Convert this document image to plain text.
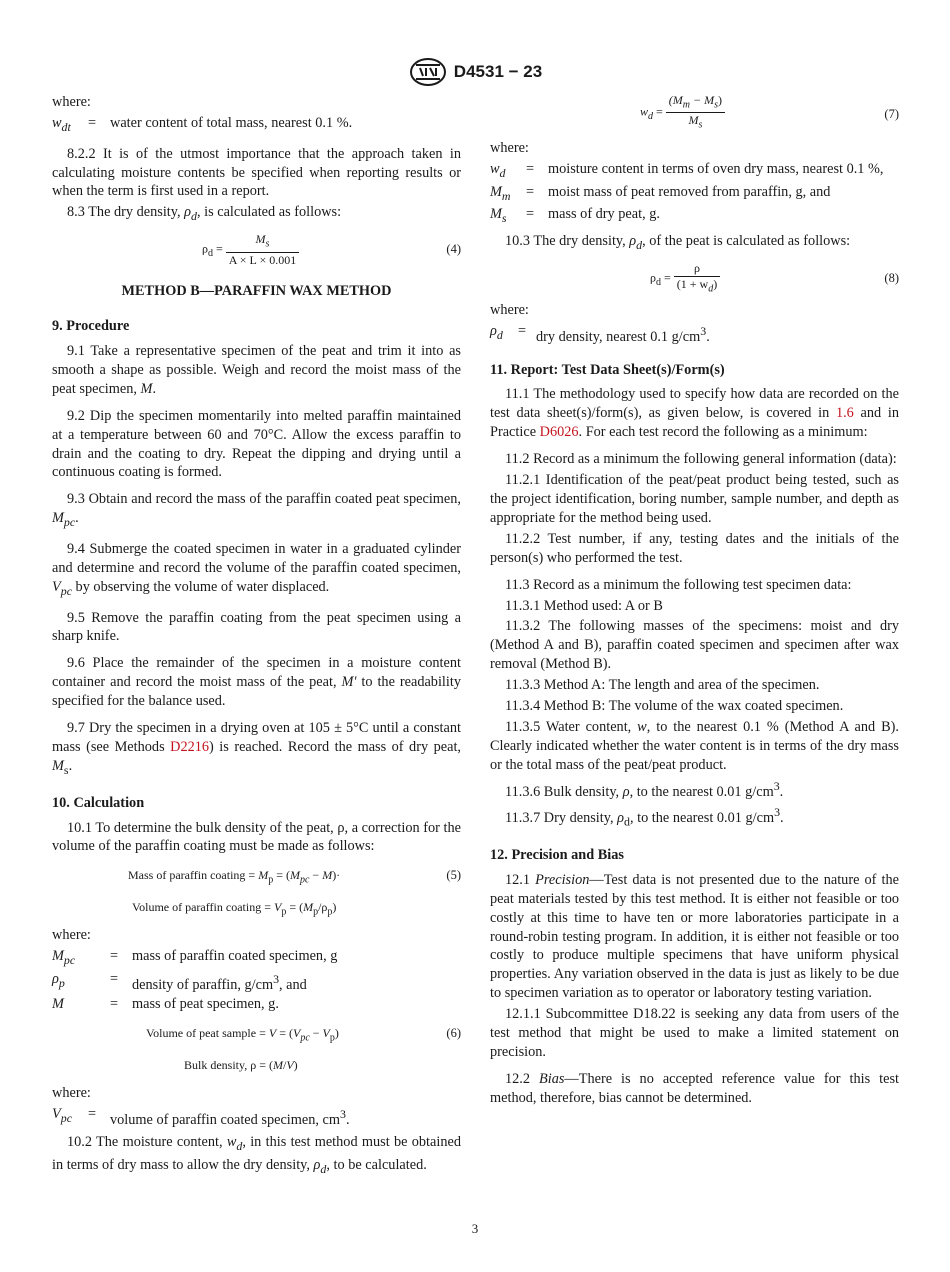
D4531 − 23

where:

$w_{dt}$	= water content of total mass, nearest 0.1 %.

8.2.2 It is of the utmost importance that the approach taken in calculating moisture contents be specified when reporting results or when the term is first used in a report.

8.3 The dry density, $\rho_d$, is calculated as follows:

$\rho_d = \frac{M_s}{A \times L \times 0.001}$	(4)
METHOD B—PARAFFIN WAX METHOD
9. Procedure

9.1 Take a representative specimen of the peat and trim it into as smooth a shape as possible. Weigh and record the moist mass of the peat specimen, M.

9.2 Dip the specimen momentarily into melted paraffin maintained at a temperature between 60 and 70°C. Allow the excess paraffin to drain and the coating to dry. Repeat the dipping and drying until a continuous coating is formed.

9.3 Obtain and record the mass of the paraffin coated peat specimen, $M_{pc}$.

9.4 Submerge the coated specimen in water in a graduated cylinder and determine and record the volume of the paraffin coated specimen, $V_{pc}$ by observing the volume of water displaced.

9.5 Remove the paraffin coating from the peat specimen using a sharp knife.

9.6 Place the remainder of the specimen in a moisture content container and record the moist mass of the peat, M' to the readability specified for the balance used.

9.7 Dry the specimen in a drying oven at 105 ± 5°C until a constant mass (see Methods D2216) is reached. Record the mass of dry peat, $M_s$.

10. Calculation

10.1 To determine the bulk density of the peat, ρ, a correction for the volume of the paraffin coating must be made as follows:

Mass of paraffin coating = $M_p = (M_{pc} - M)\cdot$	(5)
Volume of paraffin coating = $V_p = (M_p/\rho_p)$

where:

$M_{pc}$	= mass of paraffin coated specimen, g
$\rho_p$	= density of paraffin, $g/cm^3$, and
M	= mass of peat specimen, g.
Volume of peat sample = $V = (V_{pc} - V_p)$	(6)
Bulk density, ρ = (M/V)

where:

$V_{pc}$	= volume of paraffin coated specimen, $cm^3$.

10.2 The moisture content, $w_d$, in this test method must be obtained in terms of dry mass to allow the dry density, $\rho_d$, to be calculated.

$w_d = \frac{(M_m - M_s)}{M_s}$	(7)

where:

$w_d$	= moisture content in terms of oven dry mass, nearest 0.1 %,
$M_m$	= moist mass of peat removed from paraffin, g, and
$M_s$	= mass of dry peat, g.

10.3 The dry density, $\rho_d$, of the peat is calculated as follows:

$\rho_d = \frac{\rho}{(1 + w_d)}$	(8)

where:

$\rho_d$	= dry density, nearest 0.1 $g/cm^3$.
11. Report: Test Data Sheet(s)/Form(s)

11.1 The methodology used to specify how data are recorded on the test data sheet(s)/form(s), as given below, is covered in 1.6 and in Practice D6026. For each test record the following as a minimum:

11.2 Record as a minimum the following general information (data):

11.2.1 Identification of the peat/peat product being tested, such as the project identification, boring number, sample number, and depth as appropriate for the method being used.

11.2.2 Test number, if any, testing dates and the initials of the person(s) who performed the test.

11.3 Record as a minimum the following test specimen data:

11.3.1 Method used: A or B

11.3.2 The following masses of the specimens: moist and dry (Method A and B), paraffin coated specimen and specimen after wax removal (Method B).

11.3.3 Method A: The length and area of the specimen.

11.3.4 Method B: The volume of the wax coated specimen.

11.3.5 Water content, w, to the nearest 0.1 % (Method A and B). Clearly indicated whether the water content is in terms of the dry mass or the total mass of the peat/peat product.

11.3.6 Bulk density, ρ, to the nearest 0.01 $g/cm^3$.

11.3.7 Dry density, $\rho_d$, to the nearest 0.01 $g/cm^3$.

12. Precision and Bias

12.1 Precision—Test data is not presented due to the nature of the peat materials tested by this test method. It is either not feasible or too costly at this time to have ten or more laboratories participate in a round-robin testing program. In addition, it is either not feasible or too costly to produce multiple specimens that have uniform physical properties. Any variation observed in the data is just as likely to be due to specimen variation as to operator or laboratory testing variation.

12.1.1 Subcommittee D18.22 is seeking any data from users of the test method that might be used to make a limited statement on precision.

12.2 Bias—There is no accepted reference value for this test method, therefore, bias cannot be determined.

3
